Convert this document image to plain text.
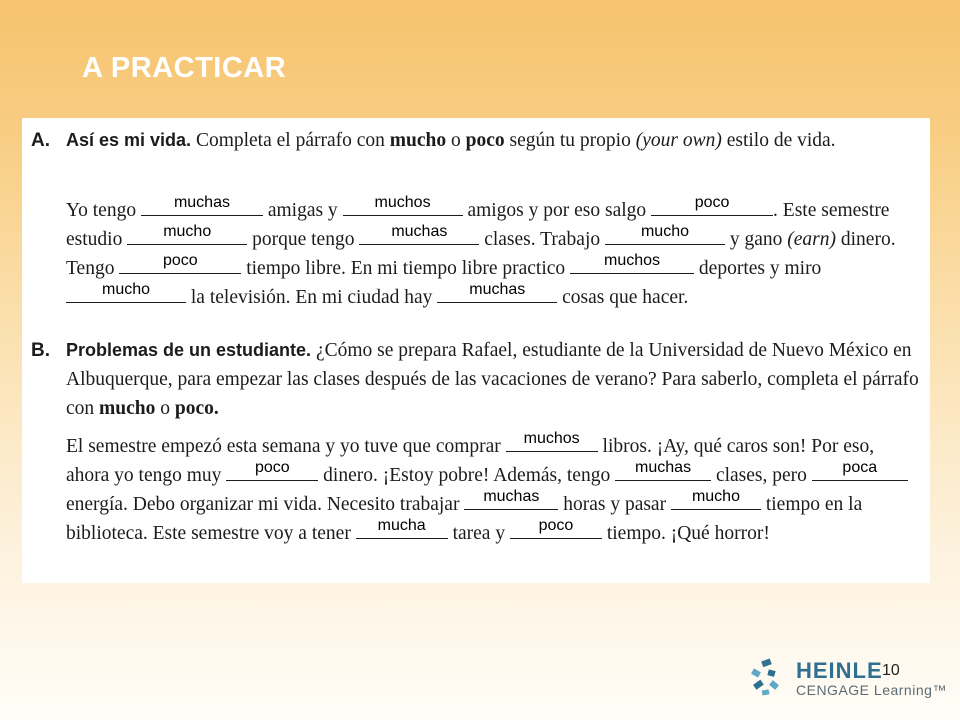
A PRACTICAR
A. Así es mi vida. Completa el párrafo con mucho o poco según tu propio (your own) estilo de vida.

Yo tengo	muchas	amigas y	muchos	amigos y por eso salgo	poco	. Este semestre estudio	mucho	porque tengo	muchas	clases. Trabajo	mucho	y gano (earn) dinero. Tengo	poco	tiempo libre. En mi tiempo libre practico	muchos	deportes y miro
mucho	la televisión. En mi ciudad hay	muchas	cosas que hacer.

B. Problemas de un estudiante. ¿Cómo se prepara Rafael, estudiante de la Universidad de Nuevo México en Albuquerque, para empezar las clases después de las vacaciones de verano? Para saberlo, completa el párrafo con mucho o poco.

El semestre empezó esta semana y yo tuve que comprar	muchos libros. ¡Ay, qué caros son! Por eso, ahora yo tengo muy	poco	dinero. ¡Estoy pobre! Además, tengo	muchas	clases, pero	poca
energía. Debo organizar mi vida. Necesito trabajar	muchas horas y pasar	mucho	tiempo en la biblioteca. Este semestre voy a tener	mucha	tarea y	poco	tiempo. ¡Qué horror!

HEINLE
CENGAGE Learning™
10
